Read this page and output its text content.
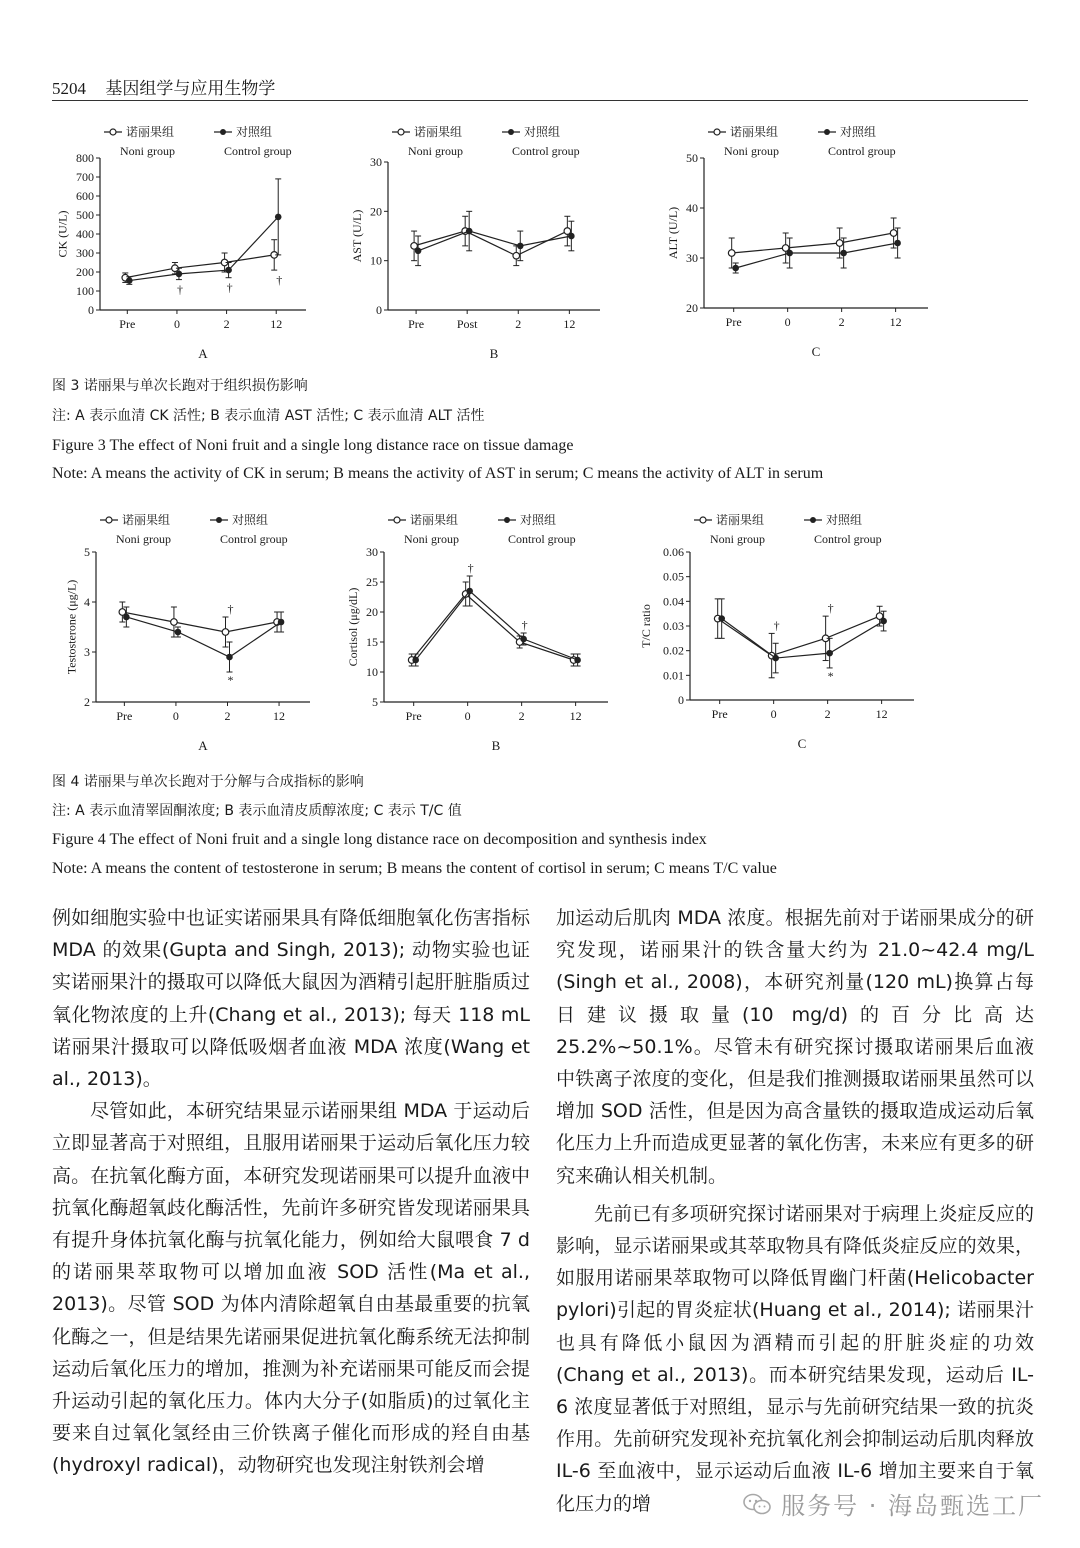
5204 基因组学与应用生物学
诺丽果组
Noni group
对照组
Control group
0
100
200
300
400
500
600
700
800
Pre	0	2	12
CK (U/L)
A
†	†
†
诺丽果组
Noni group
对照组
Control group
0
10
20
30
Pre	Post	2	12
AST (U/L)
B
诺丽果组
Noni group
对照组
Control group
20
30
40
50
Pre	0	2	12
ALT (U/L)
C
图 3 诺丽果与单次长跑对于组织损伤影响
注: A 表示血清 CK 活性; B 表示血清 AST 活性; C 表示血清 ALT 活性
Figure 3 The effect of Noni fruit and a single long distance race on tissue damage
Note: A means the activity of CK in serum; B means the activity of AST in serum; C means the activity of ALT in serum
诺丽果组
Noni group
对照组
Control group
2
3
4
5
Pre	0	2	12
Testosterone (μg/L)
A
†
*
诺丽果组
Noni group
对照组
Control group
5
10
15
20
25
30
Pre	0	2	12
Cortisol (μg/dL)
B
†
†
诺丽果组
Noni group
对照组
Control group
0
0.01
0.02
0.03
0.04
0.05
0.06
Pre	0	2	12
T/C ratio
C
†
†
*
图 4 诺丽果与单次长跑对于分解与合成指标的影响
注: A 表示血清睪固酮浓度; B 表示血清皮质醇浓度; C 表示 T/C 值
Figure 4 The effect of Noni fruit and a single long distance race on decomposition and synthesis index
Note: A means the content of testosterone in serum; B means the content of cortisol in serum; C means T/C value

例如细胞实验中也证实诺丽果具有降低细胞氧化伤害指标 MDA 的效果(Gupta and Singh, 2013); 动物实验也证实诺丽果汁的摄取可以降低大鼠因为酒精引起肝脏脂质过氧化物浓度的上升(Chang et al., 2013); 每天 118 mL 诺丽果汁摄取可以降低吸烟者血液 MDA 浓度(Wang et al., 2013)。

尽管如此，本研究结果显示诺丽果组 MDA 于运动后立即显著高于对照组，且服用诺丽果于运动后氧化压力较高。在抗氧化酶方面，本研究发现诺丽果可以提升血液中抗氧化酶超氧歧化酶活性，先前许多研究皆发现诺丽果具有提升身体抗氧化酶与抗氧化能力，例如给大鼠喂食 7 d 的诺丽果萃取物可以增加血液 SOD 活性(Ma et al., 2013)。尽管 SOD 为体内清除超氧自由基最重要的抗氧化酶之一，但是结果先诺丽果促进抗氧化酶系统无法抑制运动后氧化压力的增加，推测为补充诺丽果可能反而会提升运动引起的氧化压力。体内大分子(如脂质)的过氧化主要来自过氧化氢经由三价铁离子催化而形成的羟自由基(hydroxyl radical)，动物研究也发现注射铁剂会增

加运动后肌肉 MDA 浓度。根据先前对于诺丽果成分的研究发现，诺丽果汁的铁含量大约为 21.0~42.4 mg/L (Singh et al., 2008)，本研究剂量(120 mL)换算占每日建议摄取量(10 mg/d)的百分比高达 25.2%~50.1%。尽管未有研究探讨摄取诺丽果后血液中铁离子浓度的变化，但是我们推测摄取诺丽果虽然可以增加 SOD 活性，但是因为高含量铁的摄取造成运动后氧化压力上升而造成更显著的氧化伤害，未来应有更多的研究来确认相关机制。

先前已有多项研究探讨诺丽果对于病理上炎症反应的影响，显示诺丽果或其萃取物具有降低炎症反应的效果，如服用诺丽果萃取物可以降低胃幽门杆菌(Helicobacter pylori)引起的胃炎症状(Huang et al., 2014); 诺丽果汁也具有降低小鼠因为酒精而引起的肝脏炎症的功效(Chang et al., 2013)。而本研究结果发现，运动后 IL-6 浓度显著低于对照组，显示与先前研究结果一致的抗炎作用。先前研究发现补充抗氧化剂会抑制运动后肌肉释放 IL-6 至血液中，显示运动后血液 IL-6 增加主要来自于氧化压力的增	服务号 · 海岛甄选工厂
